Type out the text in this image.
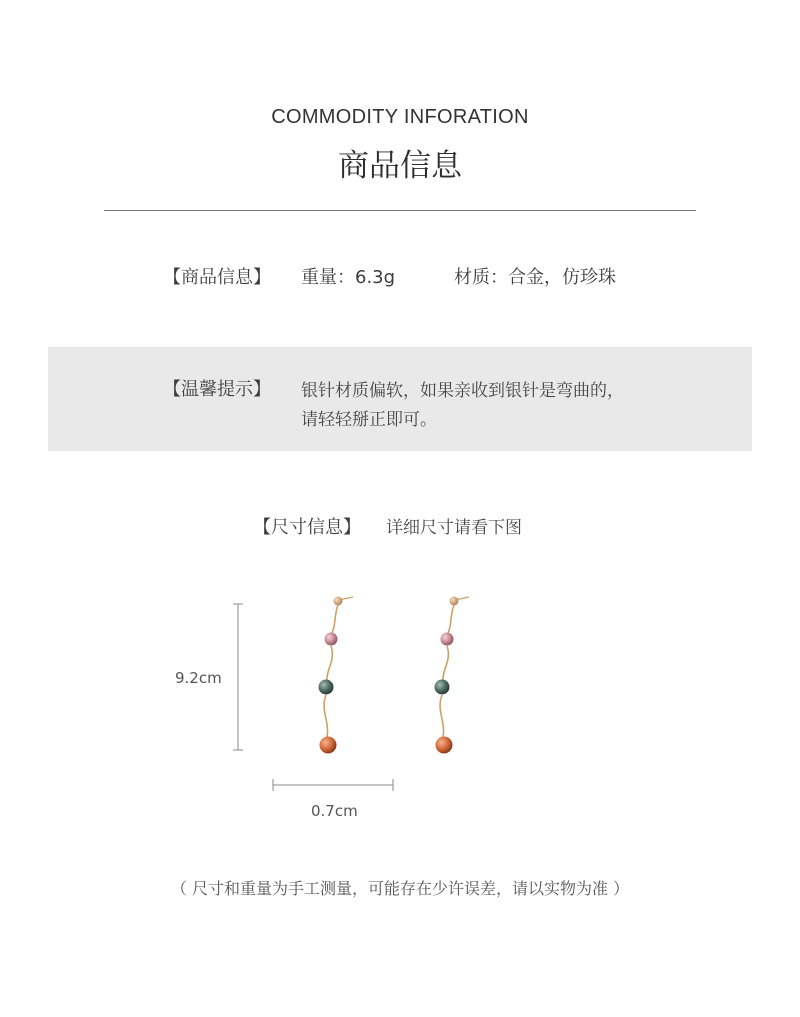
COMMODITY INFORATION
商品信息
【商品信息】 重量：6.3g	材质：合金，仿珍珠
【温馨提示】 银针材质偏软，如果亲收到银针是弯曲的，
请轻轻掰正即可。
【尺寸信息】 详细尺寸请看下图
9.2cm
0.7cm
（ 尺寸和重量为手工测量，可能存在少许误差，请以实物为准 ）
